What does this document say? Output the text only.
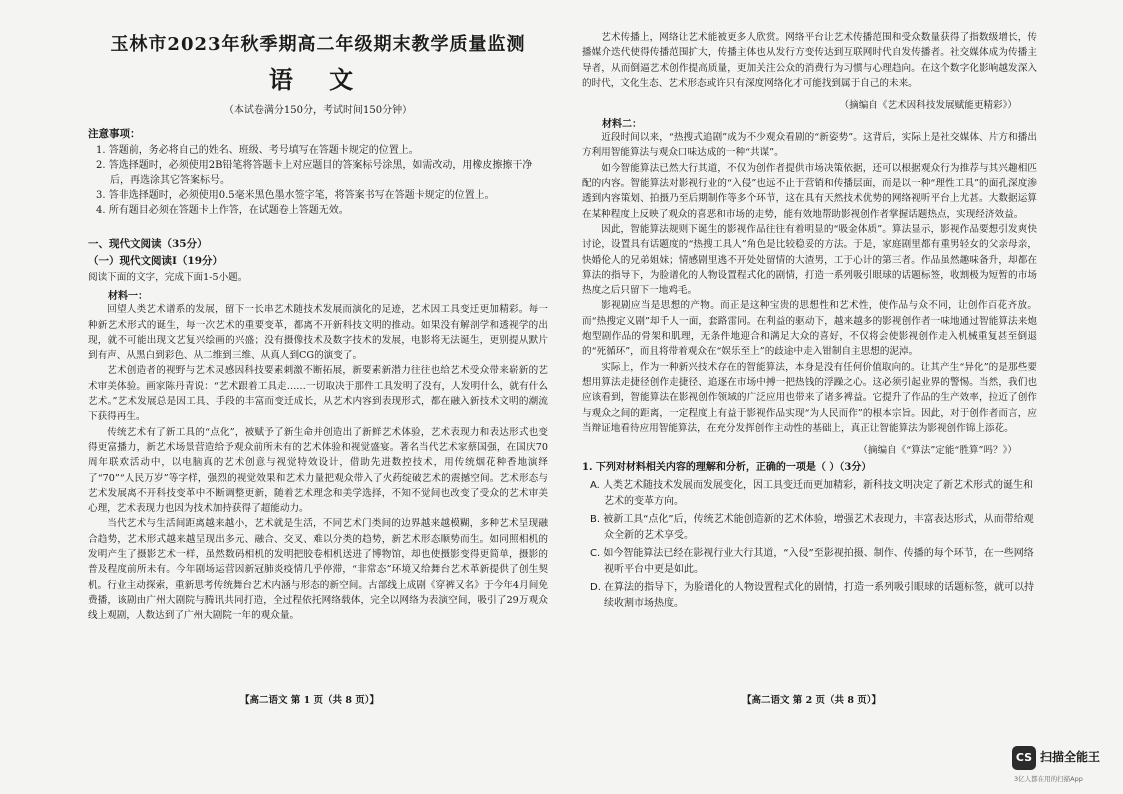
玉林市2023年秋季期高二年级期末教学质量监测
语 文
（本试卷满分150分，考试时间150分钟）
注意事项：

1. 答题前，务必将自己的姓名、班级、考号填写在答题卡规定的位置上。

2. 答选择题时，必须使用2B铅笔将答题卡上对应题目的答案标号涂黑，如需改动，用橡皮擦擦干净后，再选涂其它答案标号。

3. 答非选择题时，必须使用0.5毫米黑色墨水签字笔，将答案书写在答题卡规定的位置上。

4. 所有题目必须在答题卡上作答，在试题卷上答题无效。

一、现代文阅读（35分）
（一）现代文阅读Ⅰ（19分）

阅读下面的文字，完成下面1-5小题。

材料一：

回望人类艺术谱系的发展，留下一长串艺术随技术发展而演化的足迹，艺术因工具变迁更加精彩。每一种新艺术形式的诞生，每一次艺术的重要变革，都离不开新科技文明的推动。如果没有解剖学和透视学的出现，就不可能出现文艺复兴绘画的兴盛；没有摄像技术及数字技术的发展，电影将无法诞生，更别提从默片到有声、从黑白到彩色、从二维到三维、从真人到CG的演变了。

艺术创造者的视野与艺术灵感因科技要素刺激不断拓展，新要素新潜力往往也给艺术受众带来崭新的艺术审美体验。画家陈丹青说：“艺术跟着工具走……一切取决于那件工具发明了没有，人发明什么，就有什么艺术。”艺术发展总是因工具、手段的丰富而变迁成长，从艺术内容到表现形式，都在融入新技术文明的潮流下获得再生。

传统艺术有了新工具的“点化”，被赋予了新生命并创造出了新鲜艺术体验，艺术表现力和表达形式也变得更富播力，新艺术场景营造给予观众前所未有的艺术体验和视觉盛宴。著名当代艺术家蔡国强，在国庆70周年联欢活动中，以电脑真的艺术创意与视觉特效设计，借助先进数控技术，用传统烟花种香地演绎了“70”“人民万岁”等字样，强烈的视觉效果和艺术力量把观众带入了火药绽破艺术的震撼空间。艺术形态与艺术发展离不开科技变革中不断调整更新，随着艺术理念和美学选择，不知不觉间也改变了受众的艺术审美心理，艺术表现力也因为技术加持获得了超能动力。

当代艺术与生活间距离越来越小，艺术就是生活，不同艺术门类间的边界越来越模糊，多种艺术呈现融合趋势，艺术形式越来越呈现出多元、融合、交叉、难以分类的趋势，新艺术形态顺势而生。如同照相机的发明产生了摄影艺术一样，虽然数码相机的发明把胶卷相机送进了博物馆，却也使摄影变得更简单，摄影的普及程度前所未有。今年剧场运营因新冠肺炎疫情几乎停滞，“非常态”环境又给舞台艺术革新提供了创生契机。行业主动探索，重新思考传统舞台艺术内涵与形态的新空间。古部线上成剧《穿裤又名》于今年4月间免费播，该剧由广州大剧院与腾讯共同打造，全过程依托网络载体，完全以网络为表演空间，吸引了29万观众线上观剧，人数达到了广州大剧院一年的观众量。

【高二语文 第 1 页（共 8 页）】

艺术传播上，网络让艺术能被更多人欣赏。网络平台让艺术传播范围和受众数量获得了指数级增长，传播媒介迭代使得传播范围扩大，传播主体也从发行方变传达到互联网时代自发传播者。社交媒体成为传播主导者，从而倒逼艺术创作提高质量，更加关注公众的消费行为习惯与心理趋向。在这个数字化影响越发深入的时代，文化生态、艺术形态或许只有深度网络化才可能找到属于自己的未来。

（摘编自《艺术因科技发展赋能更精彩》）
材料二：

近段时间以来，“热搜式追剧”成为不少观众看剧的“新姿势”。这背后，实际上是社交媒体、片方和播出方利用智能算法与观众口味达成的一种“共谋”。

如今智能算法已然大行其道，不仅为创作者提供市场决策依据，还可以根据观众行为推荐与其兴趣相匹配的内容。智能算法对影视行业的“入侵”也远不止于营销和传播层面，而是以一种“理性工具”的面孔深度渗透到内容策划、拍摄乃至后期制作等多个环节，这在具有天然技术优势的网络视听平台上尤甚。大数据运算在某种程度上反映了观众的喜恶和市场的走势，能有效地帮助影视创作者掌握话题热点，实现经济效益。

因此，智能算法规则下诞生的影视作品往往有着明显的“吸金体质”。算法显示，影视作品要想引发爽快讨论，设置具有话题度的“热搜工具人”角色是比较稳妥的方法。于是，家庭剧里都有重男轻女的父亲母亲，快婚伦人的兄弟姐妹；情感剧里逃不开处处留情的大渣男，工于心计的第三者。作品虽然趣味备升，却都在算法的指导下，为脸谱化的人物设置程式化的剧情，打造一系列吸引眼球的话题标签，收割极为短暂的市场热度之后只留下一地鸡毛。

影视剧应当是思想的产物。而正是这种宝贵的思想性和艺术性，使作品与众不同，让创作百花齐放。而“热搜定义剧”却千人一面，套路雷同。在利益的驱动下，越来越多的影视创作者一味地通过智能算法来炮炮型剧作品的骨架和肌理，无条件地迎合和满足大众的喜好，不仅将会使影视创作走入机械重复甚至倒退的“死循环”，而且将带着观众在“娱乐至上”的歧途中走入钳制自主思想的泥淖。

实际上，作为一种新兴技术存在的智能算法，本身是没有任何价值取向的。让其产生“异化”的是那些要想用算法走捷径创作走捷径、追逐在市场中搏一把热钱的浮躁之心。这必须引起业界的警惕。当然，我们也应该看到，智能算法在影视创作领域的广泛应用也带来了诸多裨益。它提升了作品的生产效率，拉近了创作与观众之间的距离，一定程度上有益于影视作品实现“为人民而作”的根本宗旨。因此，对于创作者而言，应当辩证地看待应用智能算法，在充分发挥创作主动性的基础上，真正让智能算法为影视创作锦上添花。

（摘编自《“算法”定能“胜算”吗？》）

1. 下列对材料相关内容的理解和分析，正确的一项是（ ）（3分）

A. 人类艺术随技术发展而发展变化，因工具变迁而更加精彩，新科技文明决定了新艺术形式的诞生和艺术的变革方向。

B. 被新工具“点化”后，传统艺术能创造新的艺术体验，增强艺术表现力，丰富表达形式，从而带给观众全新的艺术享受。

C. 如今智能算法已经在影视行业大行其道，“入侵”至影视拍摄、制作、传播的每个环节，在一些网络视听平台中更是如此。

D. 在算法的指导下，为脸谱化的人物设置程式化的剧情，打造一系列吸引眼球的话题标签，就可以持续收割市场热度。

【高二语文 第 2 页（共 8 页）】
CS 扫描全能王
3亿人都在用的扫描App
